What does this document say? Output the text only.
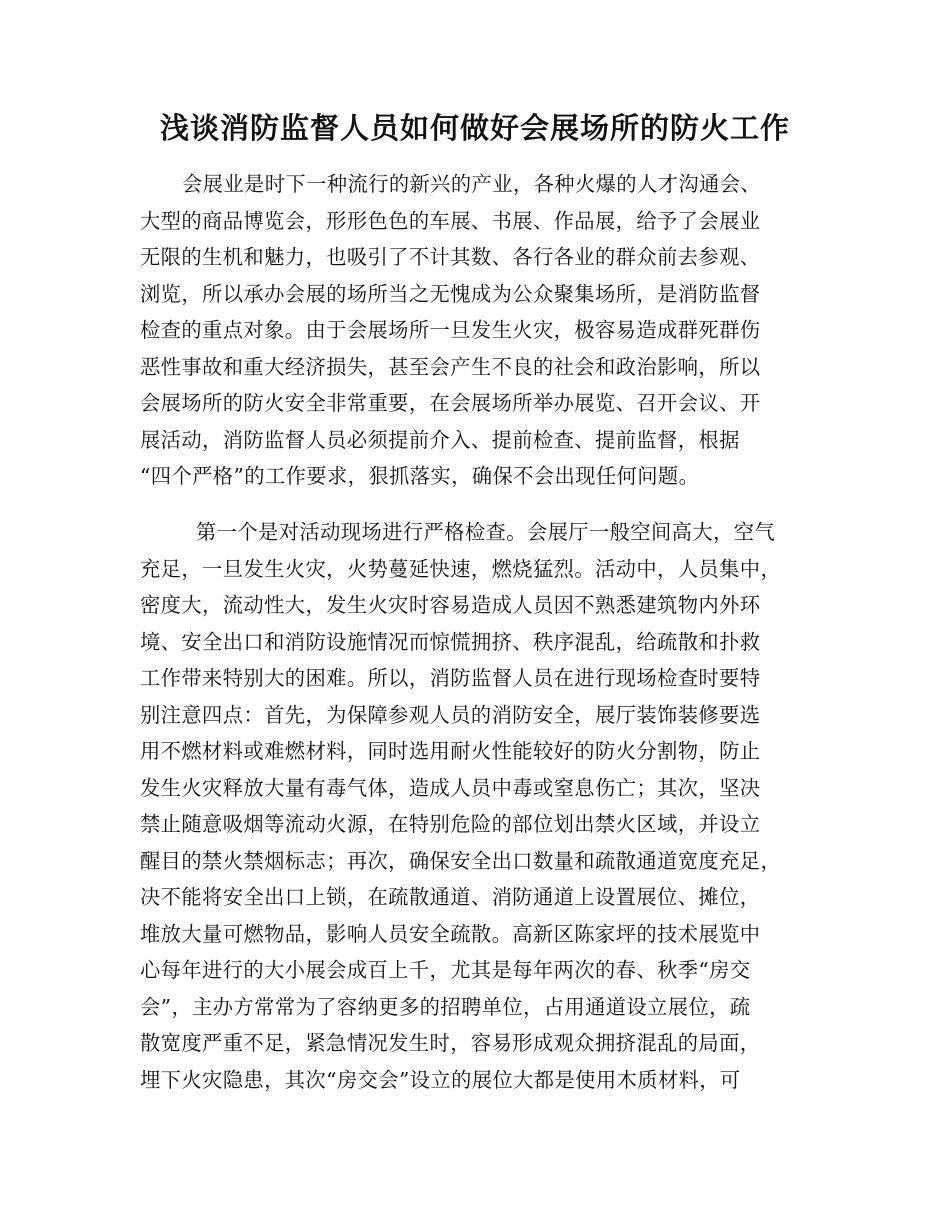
浅谈消防监督人员如何做好会展场所的防火工作
会展业是时下一种流行的新兴的产业，各种火爆的人才沟通会、
大型的商品博览会，形形色色的车展、书展、作品展，给予了会展业
无限的生机和魅力，也吸引了不计其数、各行各业的群众前去参观、
浏览，所以承办会展的场所当之无愧成为公众聚集场所，是消防监督
检查的重点对象。由于会展场所一旦发生火灾，极容易造成群死群伤
恶性事故和重大经济损失，甚至会产生不良的社会和政治影响，所以
会展场所的防火安全非常重要，在会展场所举办展览、召开会议、开
展活动，消防监督人员必须提前介入、提前检查、提前监督，根据
“四个严格”的工作要求，狠抓落实，确保不会出现任何问题。
第一个是对活动现场进行严格检查。会展厅一般空间高大，空气
充足，一旦发生火灾，火势蔓延快速，燃烧猛烈。活动中，人员集中，
密度大，流动性大，发生火灾时容易造成人员因不熟悉建筑物内外环
境、安全出口和消防设施情况而惊慌拥挤、秩序混乱，给疏散和扑救
工作带来特别大的困难。所以，消防监督人员在进行现场检查时要特
别注意四点：首先，为保障参观人员的消防安全，展厅装饰装修要选
用不燃材料或难燃材料，同时选用耐火性能较好的防火分割物，防止
发生火灾释放大量有毒气体，造成人员中毒或窒息伤亡；其次，坚决
禁止随意吸烟等流动火源，在特别危险的部位划出禁火区域，并设立
醒目的禁火禁烟标志；再次，确保安全出口数量和疏散通道宽度充足，
决不能将安全出口上锁，在疏散通道、消防通道上设置展位、摊位，
堆放大量可燃物品，影响人员安全疏散。高新区陈家坪的技术展览中
心每年进行的大小展会成百上千，尤其是每年两次的春、秋季“房交
会”，主办方常常为了容纳更多的招聘单位，占用通道设立展位，疏
散宽度严重不足，紧急情况发生时，容易形成观众拥挤混乱的局面，
埋下火灾隐患，其次“房交会”设立的展位大都是使用木质材料，可
